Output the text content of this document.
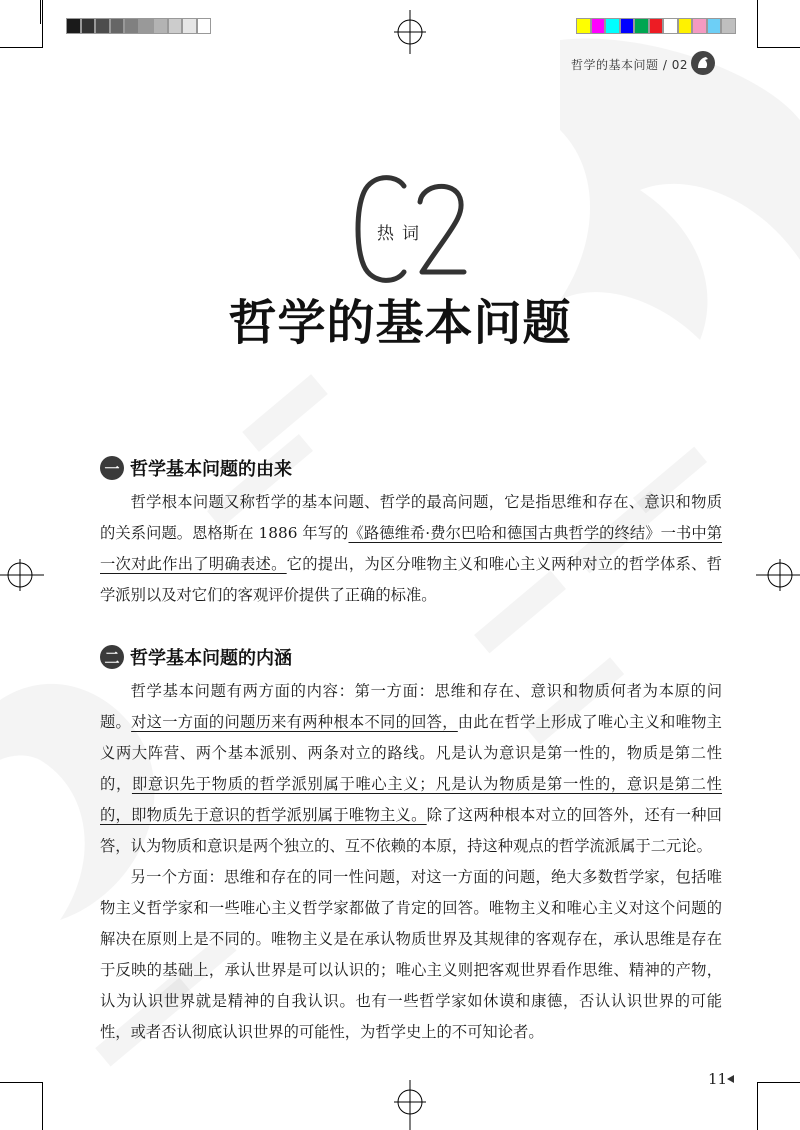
哲学的基本问题 / 02
热词
哲学的基本问题
一 哲学基本问题的由来

哲学根本问题又称哲学的基本问题、哲学的最高问题，它是指思维和存在、意识和物质的关系问题。恩格斯在 1886 年写的《路德维希·费尔巴哈和德国古典哲学的终结》一书中第一次对此作出了明确表述。它的提出，为区分唯物主义和唯心主义两种对立的哲学体系、哲学派别以及对它们的客观评价提供了正确的标准。

二 哲学基本问题的内涵

哲学基本问题有两方面的内容：第一方面：思维和存在、意识和物质何者为本原的问题。对这一方面的问题历来有两种根本不同的回答，由此在哲学上形成了唯心主义和唯物主义两大阵营、两个基本派别、两条对立的路线。凡是认为意识是第一性的，物质是第二性的，即意识先于物质的哲学派别属于唯心主义；凡是认为物质是第一性的，意识是第二性的，即物质先于意识的哲学派别属于唯物主义。除了这两种根本对立的回答外，还有一种回答，认为物质和意识是两个独立的、互不依赖的本原，持这种观点的哲学流派属于二元论。

另一个方面：思维和存在的同一性问题，对这一方面的问题，绝大多数哲学家，包括唯物主义哲学家和一些唯心主义哲学家都做了肯定的回答。唯物主义和唯心主义对这个问题的解决在原则上是不同的。唯物主义是在承认物质世界及其规律的客观存在，承认思维是存在于反映的基础上，承认世界是可以认识的；唯心主义则把客观世界看作思维、精神的产物，认为认识世界就是精神的自我认识。也有一些哲学家如休谟和康德，否认认识世界的可能性，或者否认彻底认识世界的可能性，为哲学史上的不可知论者。

11
